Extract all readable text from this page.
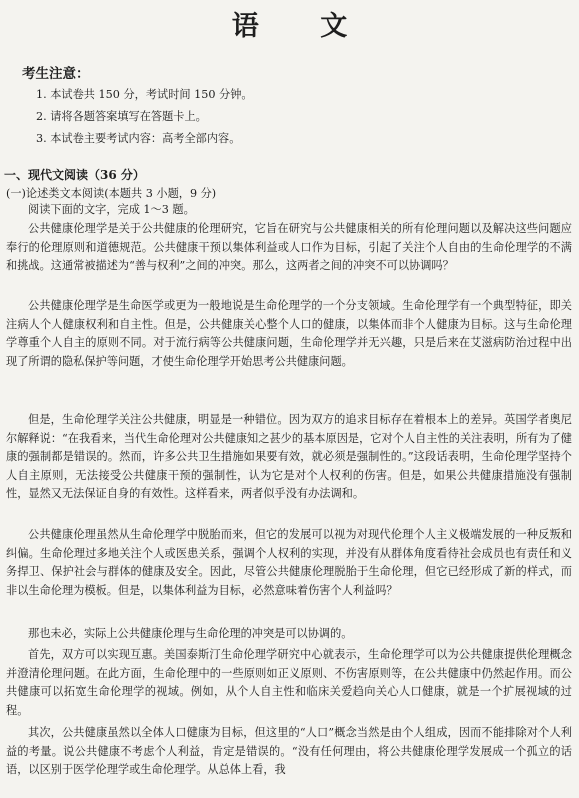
语 文
考生注意：
1. 本试卷共 150 分，考试时间 150 分钟。
2. 请将各题答案填写在答题卡上。
3. 本试卷主要考试内容：高考全部内容。
一、现代文阅读（36 分）
(一)论述类文本阅读(本题共 3 小题，9 分)

阅读下面的文字，完成 1～3 题。

公共健康伦理学是关于公共健康的伦理研究，它旨在研究与公共健康相关的所有伦理问题以及解决这些问题应奉行的伦理原则和道德规范。公共健康干预以集体利益或人口作为目标，引起了关注个人自由的生命伦理学的不满和挑战。这通常被描述为“善与权利”之间的冲突。那么，这两者之间的冲突不可以协调吗？

公共健康伦理学是生命医学或更为一般地说是生命伦理学的一个分支领域。生命伦理学有一个典型特征，即关注病人个人健康权利和自主性。但是，公共健康关心整个人口的健康，以集体而非个人健康为目标。这与生命伦理学尊重个人自主的原则不同。对于流行病等公共健康问题，生命伦理学并无兴趣，只是后来在艾滋病防治过程中出现了所谓的隐私保护等问题，才使生命伦理学开始思考公共健康问题。

但是，生命伦理学关注公共健康，明显是一种错位。因为双方的追求目标存在着根本上的差异。英国学者奥尼尔解释说：“在我看来，当代生命伦理对公共健康知之甚少的基本原因是，它对个人自主性的关注表明，所有为了健康的强制都是错误的。然而，许多公共卫生措施如果要有效，就必须是强制性的。”这段话表明，生命伦理学坚持个人自主原则，无法接受公共健康干预的强制性，认为它是对个人权利的伤害。但是，如果公共健康措施没有强制性，显然又无法保证自身的有效性。这样看来，两者似乎没有办法调和。

公共健康伦理虽然从生命伦理学中脱胎而来，但它的发展可以视为对现代伦理个人主义极端发展的一种反叛和纠偏。生命伦理过多地关注个人或医患关系，强调个人权利的实现，并没有从群体角度看待社会成员也有责任和义务捍卫、保护社会与群体的健康及安全。因此，尽管公共健康伦理脱胎于生命伦理，但它已经形成了新的样式，而非以生命伦理为模板。但是，以集体利益为目标，必然意味着伤害个人利益吗？

那也未必，实际上公共健康伦理与生命伦理的冲突是可以协调的。

首先，双方可以实现互惠。美国泰斯汀生命伦理学研究中心就表示，生命伦理学可以为公共健康提供伦理概念并澄清伦理问题。在此方面，生命伦理中的一些原则如正义原则、不伤害原则等，在公共健康中仍然起作用。而公共健康可以拓宽生命伦理学的视域。例如，从个人自主性和临床关爱趋向关心人口健康，就是一个扩展视域的过程。

其次，公共健康虽然以全体人口健康为目标，但这里的“人口”概念当然是由个人组成，因而不能排除对个人利益的考量。说公共健康不考虑个人利益，肯定是错误的。“没有任何理由，将公共健康伦理学发展成一个孤立的话语，以区别于医学伦理学或生命伦理学。从总体上看，我
